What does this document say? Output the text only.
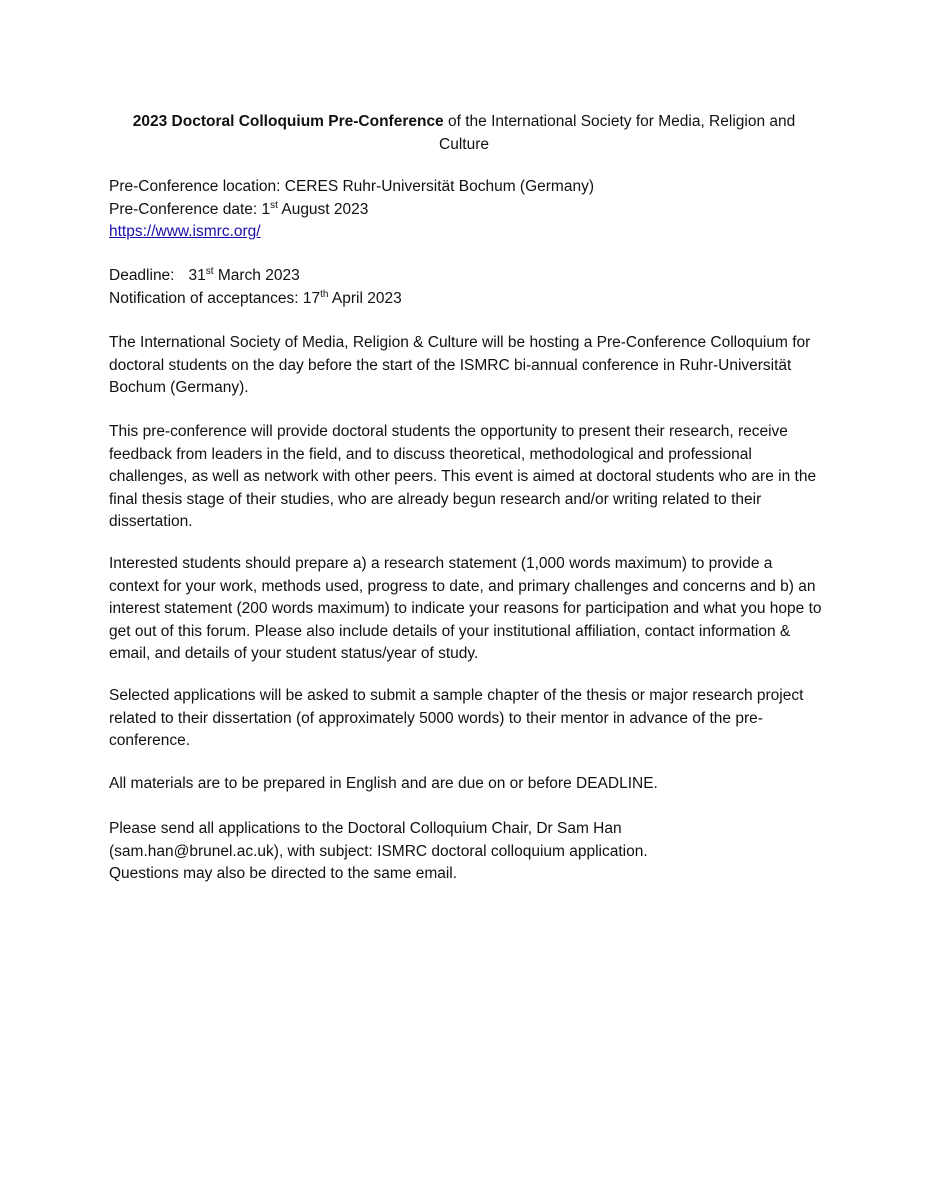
2023 Doctoral Colloquium Pre-Conference of the International Society for Media, Religion and Culture
Pre-Conference location: CERES Ruhr-Universität Bochum (Germany)
Pre-Conference date: 1st August 2023
https://www.ismrc.org/
Deadline: 31st March 2023
Notification of acceptances: 17th April 2023
The International Society of Media, Religion & Culture will be hosting a Pre-Conference Colloquium for doctoral students on the day before the start of the ISMRC bi-annual conference in Ruhr-Universität Bochum (Germany).
This pre-conference will provide doctoral students the opportunity to present their research, receive feedback from leaders in the field, and to discuss theoretical, methodological and professional challenges, as well as network with other peers. This event is aimed at doctoral students who are in the final thesis stage of their studies, who are already begun research and/or writing related to their dissertation.
Interested students should prepare a) a research statement (1,000 words maximum) to provide a context for your work, methods used, progress to date, and primary challenges and concerns and b) an interest statement (200 words maximum) to indicate your reasons for participation and what you hope to get out of this forum. Please also include details of your institutional affiliation, contact information & email, and details of your student status/year of study.
Selected applications will be asked to submit a sample chapter of the thesis or major research project related to their dissertation (of approximately 5000 words) to their mentor in advance of the pre-conference.
All materials are to be prepared in English and are due on or before DEADLINE.
Please send all applications to the Doctoral Colloquium Chair, Dr Sam Han
(sam.han@brunel.ac.uk), with subject: ISMRC doctoral colloquium application.
Questions may also be directed to the same email.
